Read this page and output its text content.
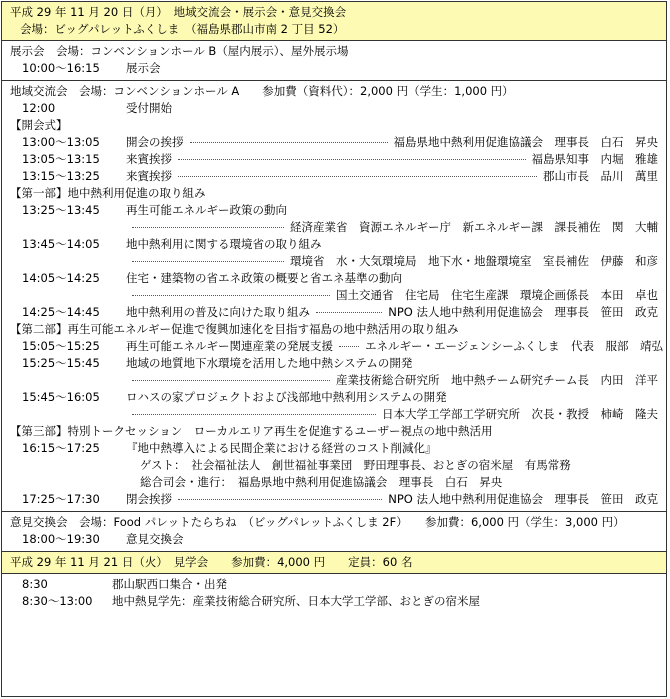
平成 29 年 11 月 20 日（月）　地域交流会・展示会・意見交換会
会場：ビッグパレットふくしま　（福島県郡山市南 2 丁目 52）
展示会　会場：コンベンションホール B（屋内展示）、屋外展示場
10:00～16:15	展示会
地域交流会　会場：コンベンションホール A　　参加費（資料代）：2,000 円（学生：1,000 円）
12:00	受付開始
【開会式】
13:00～13:05	開会の挨拶	福島県地中熱利用促進協議会　理事長　白石　昇央
13:05～13:15	来賓挨拶	福島県知事　内堀　雅雄
13:15～13:25	来賓挨拶	郡山市長　品川　萬里
【第一部】地中熱利用促進の取り組み
13:25～13:45	再生可能エネルギー政策の動向
経済産業省　資源エネルギー庁　新エネルギー課　課長補佐　関　大輔
13:45～14:05	地中熱利用に関する環境省の取り組み
環境省　水・大気環境局　地下水・地盤環境室　室長補佐　伊藤　和彦
14:05～14:25	住宅・建築物の省エネ政策の概要と省エネ基準の動向
国土交通省　住宅局　住宅生産課　環境企画係長　本田　卓也
14:25～14:45	地中熱利用の普及に向けた取り組み	NPO 法人地中熱利用促進協会　理事長　笹田　政克
【第二部】再生可能エネルギー促進で復興加速化を目指す福島の地中熱活用の取り組み
15:05～15:25	再生可能エネルギー関連産業の発展支援	エネルギー・エージェンシーふくしま　代表　服部　靖弘
15:25～15:45	地域の地質地下水環境を活用した地中熱システムの開発
産業技術総合研究所　地中熱チーム研究チーム長　内田　洋平
15:45～16:05	ロハスの家プロジェクトおよび浅部地中熱利用システムの開発
日本大学工学部工学研究所　次長・教授　柿崎　隆夫
【第三部】特別トークセッション　ローカルエリア再生を促進するユーザー視点の地中熱活用
16:15～17:25	『地中熱導入による民間企業における経営のコスト削減化』
ゲスト：　社会福祉法人　創世福祉事業団　野田理事長、おとぎの宿米屋　有馬常務
総合司会・進行：　福島県地中熱利用促進協議会　理事長　白石　昇央
17:25～17:30	閉会挨拶	NPO 法人地中熱利用促進協会　理事長　笹田　政克
意見交換会　会場：Food パレットたらちね　（ビッグパレットふくしま 2F）　　参加費：6,000 円（学生：3,000 円）
18:00～19:30	意見交換会
平成 29 年 11 月 21 日（火）　見学会　　参加費：4,000 円　　定員：60 名
8:30	郡山駅西口集合・出発
8:30～13:00	地中熱見学先：産業技術総合研究所、日本大学工学部、おとぎの宿米屋
